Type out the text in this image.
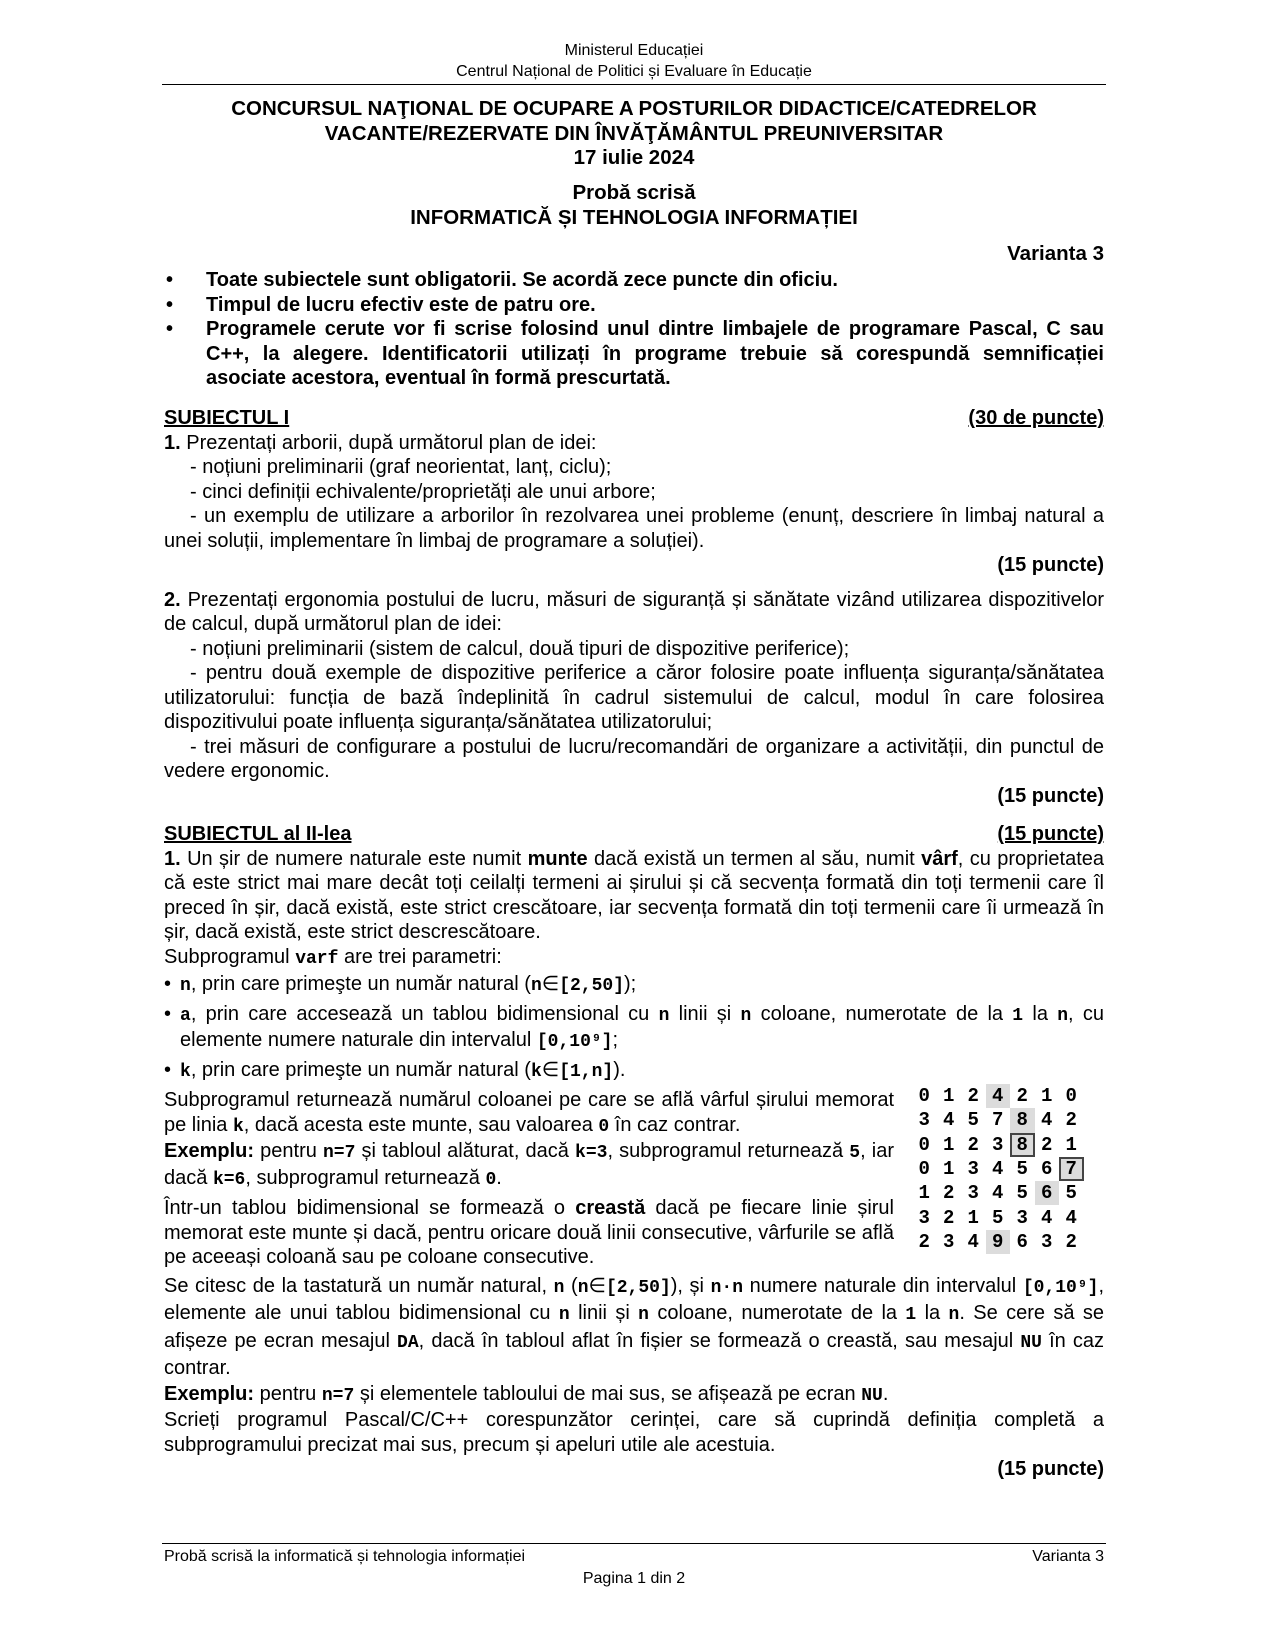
Ministerul Educației
Centrul Național de Politici și Evaluare în Educație
CONCURSUL NAŢIONAL DE OCUPARE A POSTURILOR DIDACTICE/CATEDRELOR
VACANTE/REZERVATE DIN ÎNVĂŢĂMÂNTUL PREUNIVERSITAR
17 iulie 2024
Probă scrisă
INFORMATICĂ ȘI TEHNOLOGIA INFORMAȚIEI
Varianta 3
• Toate subiectele sunt obligatorii. Se acordă zece puncte din oficiu.
• Timpul de lucru efectiv este de patru ore.
• Programele cerute vor fi scrise folosind unul dintre limbajele de programare Pascal, C sau C++, la alegere. Identificatorii utilizați în programe trebuie să corespundă semnificației asociate acestora, eventual în formă prescurtată.
SUBIECTUL I	(30 de puncte)

1. Prezentați arborii, după următorul plan de idei:

- noțiuni preliminarii (graf neorientat, lanț, ciclu);

- cinci definiții echivalente/proprietăți ale unui arbore;

- un exemplu de utilizare a arborilor în rezolvarea unei probleme (enunț, descriere în limbaj natural a unei soluții, implementare în limbaj de programare a soluției).

(15 puncte)

2. Prezentați ergonomia postului de lucru, măsuri de siguranță și sănătate vizând utilizarea dispozitivelor de calcul, după următorul plan de idei:

- noțiuni preliminarii (sistem de calcul, două tipuri de dispozitive periferice);

- pentru două exemple de dispozitive periferice a căror folosire poate influența siguranța/sănătatea utilizatorului: funcția de bază îndeplinită în cadrul sistemului de calcul, modul în care folosirea dispozitivului poate influența siguranța/sănătatea utilizatorului;

- trei măsuri de configurare a postului de lucru/recomandări de organizare a activității, din punctul de vedere ergonomic.

(15 puncte)
SUBIECTUL al II-lea	(15 puncte)

1. Un șir de numere naturale este numit munte dacă există un termen al său, numit vârf, cu proprietatea că este strict mai mare decât toți ceilalți termeni ai șirului și că secvența formată din toți termenii care îl preced în șir, dacă există, este strict crescătoare, iar secvența formată din toți termenii care îi urmează în șir, dacă există, este strict descrescătoare.

Subprogramul varf are trei parametri:

• n, prin care primeşte un număr natural (n∈[2,50]);

• a, prin care accesează un tablou bidimensional cu n linii și n coloane, numerotate de la 1 la n, cu elemente numere naturale din intervalul [0,10⁹];

• k, prin care primeşte un număr natural (k∈[1,n]).

Subprogramul returnează numărul coloanei pe care se află vârful șirului memorat pe linia k, dacă acesta este munte, sau valoarea 0 în caz contrar.

Exemplu: pentru n=7 și tabloul alăturat, dacă k=3, subprogramul returnează 5, iar dacă k=6, subprogramul returnează 0.

Într-un tablou bidimensional se formează o creastă dacă pe fiecare linie șirul memorat este munte și dacă, pentru oricare două linii consecutive, vârfurile se află pe aceeași coloană sau pe coloane consecutive.

Se citesc de la tastatură un număr natural, n (n∈[2,50]), și n·n numere naturale din intervalul [0,10⁹], elemente ale unui tablou bidimensional cu n linii și n coloane, numerotate de la 1 la n. Se cere să se afișeze pe ecran mesajul DA, dacă în tabloul aflat în fișier se formează o creastă, sau mesajul NU în caz contrar.

Exemplu: pentru n=7 și elementele tabloului de mai sus, se afișează pe ecran NU.

Scrieți programul Pascal/C/C++ corespunzător cerinței, care să cuprindă definiția completă a subprogramului precizat mai sus, precum și apeluri utile ale acestuia.

(15 puncte)
0	1	2	4	2	1	0
3	4	5	7	8	4	2
0	1	2	3	8	2	1
0	1	3	4	5	6	7
1	2	3	4	5	6	5
3	2	1	5	3	4	4
2	3	4	9	6	3	2
Probă scrisă la informatică și tehnologia informației	Varianta 3
Pagina 1 din 2
